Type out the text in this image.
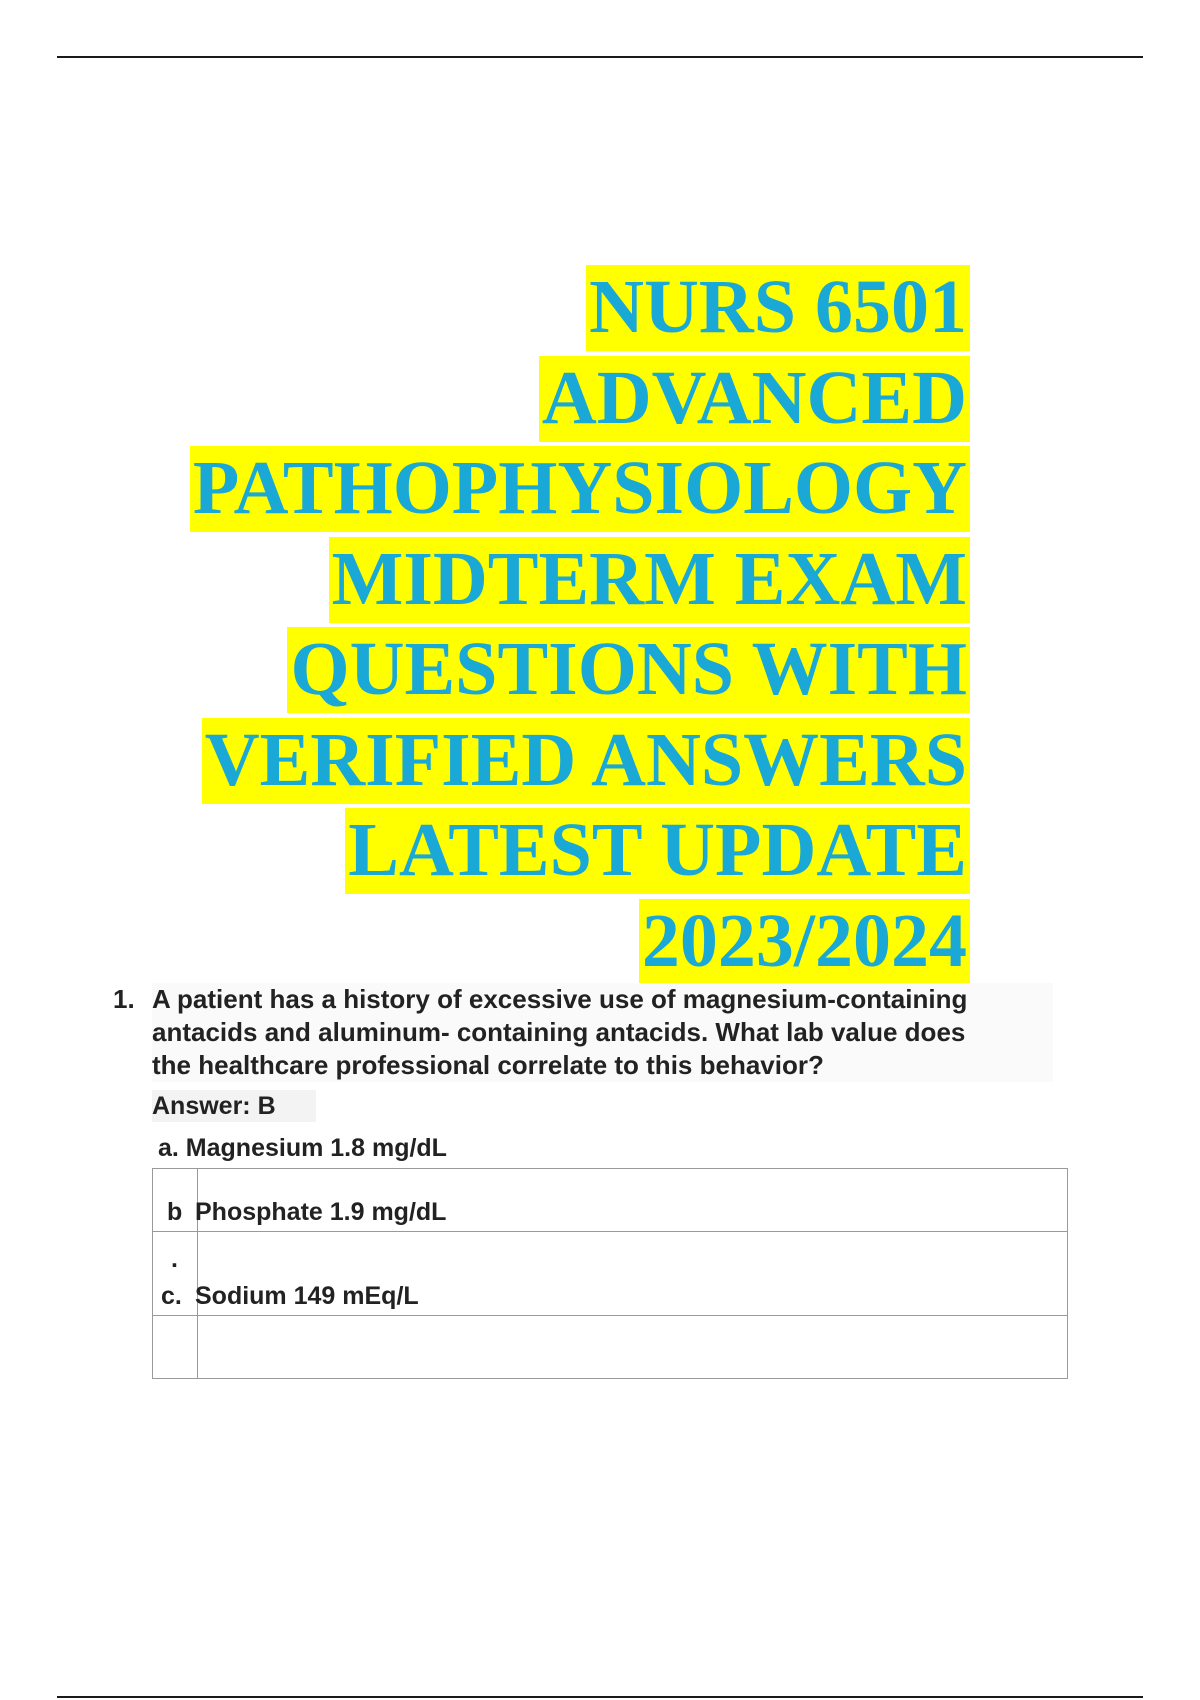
NURS 6501
ADVANCED
PATHOPHYSIOLOGY
MIDTERM EXAM
QUESTIONS WITH
VERIFIED ANSWERS
LATEST UPDATE
2023/2024
1. A patient has a history of excessive use of magnesium-containing
antacids and aluminum- containing antacids. What lab value does
the healthcare professional correlate to this behavior?
Answer: B
a. Magnesium 1.8 mg/dL
b Phosphate 1.9 mg/dL
.
c. Sodium 149 mEq/L
